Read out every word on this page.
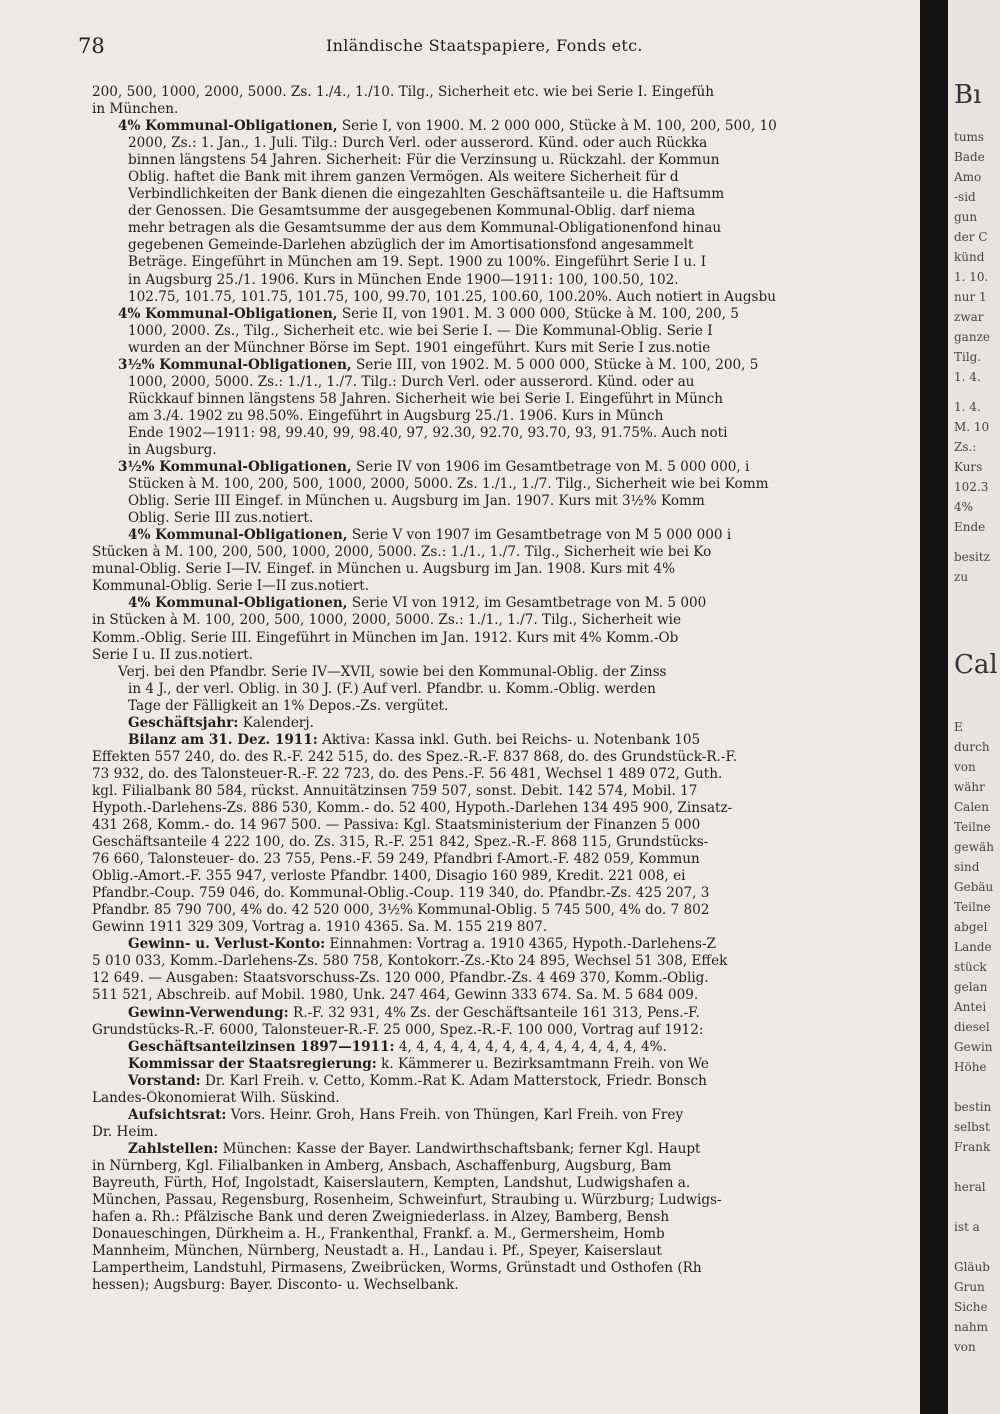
78	Inländische Staatspapiere, Fonds etc.
200, 500, 1000, 2000, 5000. Zs. 1./4., 1./10. Tilg., Sicherheit etc. wie bei Serie I. Eingefüh
in München.
4% Kommunal-Obligationen, Serie I, von 1900. M. 2 000 000, Stücke à M. 100, 200, 500, 10
2000, Zs.: 1. Jan., 1. Juli. Tilg.: Durch Verl. oder ausserord. Künd. oder auch Rückka
binnen längstens 54 Jahren. Sicherheit: Für die Verzinsung u. Rückzahl. der Kommun
Oblig. haftet die Bank mit ihrem ganzen Vermögen. Als weitere Sicherheit für d
Verbindlichkeiten der Bank dienen die eingezahlten Geschäftsanteile u. die Haftsumm
der Genossen. Die Gesamtsumme der ausgegebenen Kommunal-Oblig. darf niema
mehr betragen als die Gesamtsumme der aus dem Kommunal-Obligationenfond hinau
gegebenen Gemeinde-Darlehen abzüglich der im Amortisationsfond angesammelt
Beträge. Eingeführt in München am 19. Sept. 1900 zu 100%. Eingeführt Serie I u. I
in Augsburg 25./1. 1906. Kurs in München Ende 1900—1911: 100, 100.50, 102.
102.75, 101.75, 101.75, 101.75, 100, 99.70, 101.25, 100.60, 100.20%. Auch notiert in Augsbu
4% Kommunal-Obligationen, Serie II, von 1901. M. 3 000 000, Stücke à M. 100, 200, 5
1000, 2000. Zs., Tilg., Sicherheit etc. wie bei Serie I. — Die Kommunal-Oblig. Serie I
wurden an der Münchner Börse im Sept. 1901 eingeführt. Kurs mit Serie I zus.notie
3½% Kommunal-Obligationen, Serie III, von 1902. M. 5 000 000, Stücke à M. 100, 200, 5
1000, 2000, 5000. Zs.: 1./1., 1./7. Tilg.: Durch Verl. oder ausserord. Künd. oder au
Rückkauf binnen längstens 58 Jahren. Sicherheit wie bei Serie I. Eingeführt in Münch
am 3./4. 1902 zu 98.50%. Eingeführt in Augsburg 25./1. 1906. Kurs in Münch
Ende 1902—1911: 98, 99.40, 99, 98.40, 97, 92.30, 92.70, 93.70, 93, 91.75%. Auch noti
in Augsburg.
3½% Kommunal-Obligationen, Serie IV von 1906 im Gesamtbetrage von M. 5 000 000, i
Stücken à M. 100, 200, 500, 1000, 2000, 5000. Zs. 1./1., 1./7. Tilg., Sicherheit wie bei Komm
Oblig. Serie III Eingef. in München u. Augsburg im Jan. 1907. Kurs mit 3½% Komm
Oblig. Serie III zus.notiert.
4% Kommunal-Obligationen, Serie V von 1907 im Gesamtbetrage von M 5 000 000 i
Stücken à M. 100, 200, 500, 1000, 2000, 5000. Zs.: 1./1., 1./7. Tilg., Sicherheit wie bei Ko
munal-Oblig. Serie I—IV. Eingef. in München u. Augsburg im Jan. 1908. Kurs mit 4%
Kommunal-Oblig. Serie I—II zus.notiert.
4% Kommunal-Obligationen, Serie VI von 1912, im Gesamtbetrage von M. 5 000
in Stücken à M. 100, 200, 500, 1000, 2000, 5000. Zs.: 1./1., 1./7. Tilg., Sicherheit wie
Komm.-Oblig. Serie III. Eingeführt in München im Jan. 1912. Kurs mit 4% Komm.-Ob
Serie I u. II zus.notiert.
Verj. bei den Pfandbr. Serie IV—XVII, sowie bei den Kommunal-Oblig. der Zinss
in 4 J., der verl. Oblig. in 30 J. (F.) Auf verl. Pfandbr. u. Komm.-Oblig. werden
Tage der Fälligkeit an 1% Depos.-Zs. vergütet.
Geschäftsjahr: Kalenderj.
Bilanz am 31. Dez. 1911: Aktiva: Kassa inkl. Guth. bei Reichs- u. Notenbank 105
Effekten 557 240, do. des R.-F. 242 515, do. des Spez.-R.-F. 837 868, do. des Grundstück-R.-F.
73 932, do. des Talonsteuer-R.-F. 22 723, do. des Pens.-F. 56 481, Wechsel 1 489 072, Guth.
kgl. Filialbank 80 584, rückst. Annuitätzinsen 759 507, sonst. Debit. 142 574, Mobil. 17
Hypoth.-Darlehens-Zs. 886 530, Komm.- do. 52 400, Hypoth.-Darlehen 134 495 900, Zinsatz-
431 268, Komm.- do. 14 967 500. — Passiva: Kgl. Staatsministerium der Finanzen 5 000
Geschäftsanteile 4 222 100, do. Zs. 315, R.-F. 251 842, Spez.-R.-F. 868 115, Grundstücks-
76 660, Talonsteuer- do. 23 755, Pens.-F. 59 249, Pfandbri f-Amort.-F. 482 059, Kommun
Oblig.-Amort.-F. 355 947, verloste Pfandbr. 1400, Disagio 160 989, Kredit. 221 008, ei
Pfandbr.-Coup. 759 046, do. Kommunal-Oblig.-Coup. 119 340, do. Pfandbr.-Zs. 425 207, 3
Pfandbr. 85 790 700, 4% do. 42 520 000, 3½% Kommunal-Oblig. 5 745 500, 4% do. 7 802
Gewinn 1911 329 309, Vortrag a. 1910 4365. Sa. M. 155 219 807.
Gewinn- u. Verlust-Konto: Einnahmen: Vortrag a. 1910 4365, Hypoth.-Darlehens-Z
5 010 033, Komm.-Darlehens-Zs. 580 758, Kontokorr.-Zs.-Kto 24 895, Wechsel 51 308, Effek
12 649. — Ausgaben: Staatsvorschuss-Zs. 120 000, Pfandbr.-Zs. 4 469 370, Komm.-Oblig.
511 521, Abschreib. auf Mobil. 1980, Unk. 247 464, Gewinn 333 674. Sa. M. 5 684 009.
Gewinn-Verwendung: R.-F. 32 931, 4% Zs. der Geschäftsanteile 161 313, Pens.-F.
Grundstücks-R.-F. 6000, Talonsteuer-R.-F. 25 000, Spez.-R.-F. 100 000, Vortrag auf 1912:
Geschäftsanteilzinsen 1897—1911: 4, 4, 4, 4, 4, 4, 4, 4, 4, 4, 4, 4, 4, 4, 4%.
Kommissar der Staatsregierung: k. Kämmerer u. Bezirksamtmann Freih. von We
Vorstand: Dr. Karl Freih. v. Cetto, Komm.-Rat K. Adam Matterstock, Friedr. Bonsch
Landes-Ökonomierat Wilh. Süskind.
Aufsichtsrat: Vors. Heinr. Groh, Hans Freih. von Thüngen, Karl Freih. von Frey
Dr. Heim.
Zahlstellen: München: Kasse der Bayer. Landwirthschaftsbank; ferner Kgl. Haupt
in Nürnberg, Kgl. Filialbanken in Amberg, Ansbach, Aschaffenburg, Augsburg, Bam
Bayreuth, Fürth, Hof, Ingolstadt, Kaiserslautern, Kempten, Landshut, Ludwigshafen a.
München, Passau, Regensburg, Rosenheim, Schweinfurt, Straubing u. Würzburg; Ludwigs-
hafen a. Rh.: Pfälzische Bank und deren Zweigniederlass. in Alzey, Bamberg, Bensh
Donaueschingen, Dürkheim a. H., Frankenthal, Frankf. a. M., Germersheim, Homb
Mannheim, München, Nürnberg, Neustadt a. H., Landau i. Pf., Speyer, Kaiserslaut
Lampertheim, Landstuhl, Pirmasens, Zweibrücken, Worms, Grünstadt und Osthofen (Rh
hessen); Augsburg: Bayer. Disconto- u. Wechselbank.
Bı
tums
Bade
Amo
-sid
gun
der C
künd
1. 10.
nur 1
zwar
ganze
Tilg.
1. 4.
1. 4.
M. 10
Zs.:
Kurs
102.3
4%
Ende
besitz
zu
Cal
E
durch
von
währ
Calen
Teilne
gewäh
sind
Gebäu
Teilne
abgel
Lande
stück
gelan
Antei
diesel
Gewin
Höhe
bestin
selbst
Frank
heral
ist a
Gläub
Grun
Siche
nahm
von
